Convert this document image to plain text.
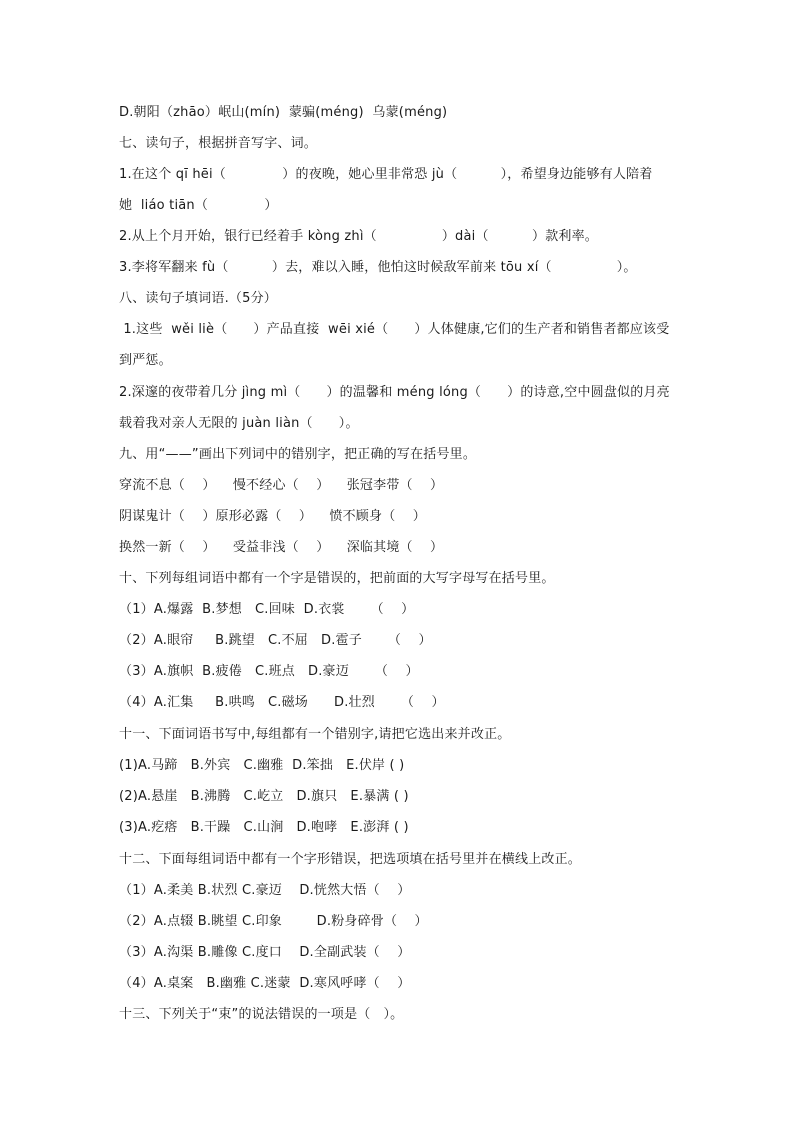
D.朝阳（zhāo）岷山(mín)  蒙骗(méng)  乌蒙(méng)
七、读句子，根据拼音写字、词。
1.在这个 qī hēi（             ）的夜晚，她心里非常恐 jù（          ），希望身边能够有人陪着
她  liáo tiān（             ）
2.从上个月开始，银行已经着手 kòng zhì（               ）dài（          ）款利率。
3.李将军翻来 fù（          ）去，难以入睡，他怕这时候敌军前来 tōu xí（               ）。
八、读句子填词语.（5分）
1.这些  wěi liè（      ）产品直接  wēi xié（      ）人体健康,它们的生产者和销售者都应该受
到严惩。
2.深邃的夜带着几分 jìng mì（      ）的温馨和 méng lóng（      ）的诗意,空中圆盘似的月亮
载着我对亲人无限的 juàn liàn（      ）。
九、用“——”画出下列词中的错别字，把正确的写在括号里。
穿流不息（    ）    慢不经心（    ）    张冠李带（    ）
阴谋鬼计（    ）原形必露（    ）    愤不顾身（    ）
换然一新（    ）    受益非浅（    ）    深临其境（    ）
十、下列每组词语中都有一个字是错误的，把前面的大写字母写在括号里。
（1）A.爆露  B.梦想   C.回味  D.衣裳      （    ）
（2）A.眼帘     B.跳望   C.不屈   D.雹子      （    ）
（3）A.旗帜  B.疲倦   C.班点   D.豪迈      （    ）
（4）A.汇集     B.哄鸣   C.磁场      D.壮烈      （    ）
十一、下面词语书写中,每组都有一个错别字,请把它选出来并改正。
(1)A.马蹄   B.外宾   C.幽雅  D.笨拙   E.伏岸 ( )
(2)A.悬崖   B.沸腾   C.屹立   D.旗只   E.暴满 ( )
(3)A.疙瘩   B.干躁   C.山涧   D.咆哮   E.澎湃 ( )
十二、下面每组词语中都有一个字形错误，把选项填在括号里并在横线上改正。
（1）A.柔美 B.状烈 C.豪迈    D.恍然大悟（    ）
（2）A.点辍 B.眺望 C.印象        D.粉身碎骨（    ）
（3）A.沟渠 B.雕像 C.度口    D.全副武装（    ）
（4）A.桌案   B.幽雅 C.迷蒙  D.寒风呼哮（    ）
十三、下列关于“束”的说法错误的一项是（   ）。
